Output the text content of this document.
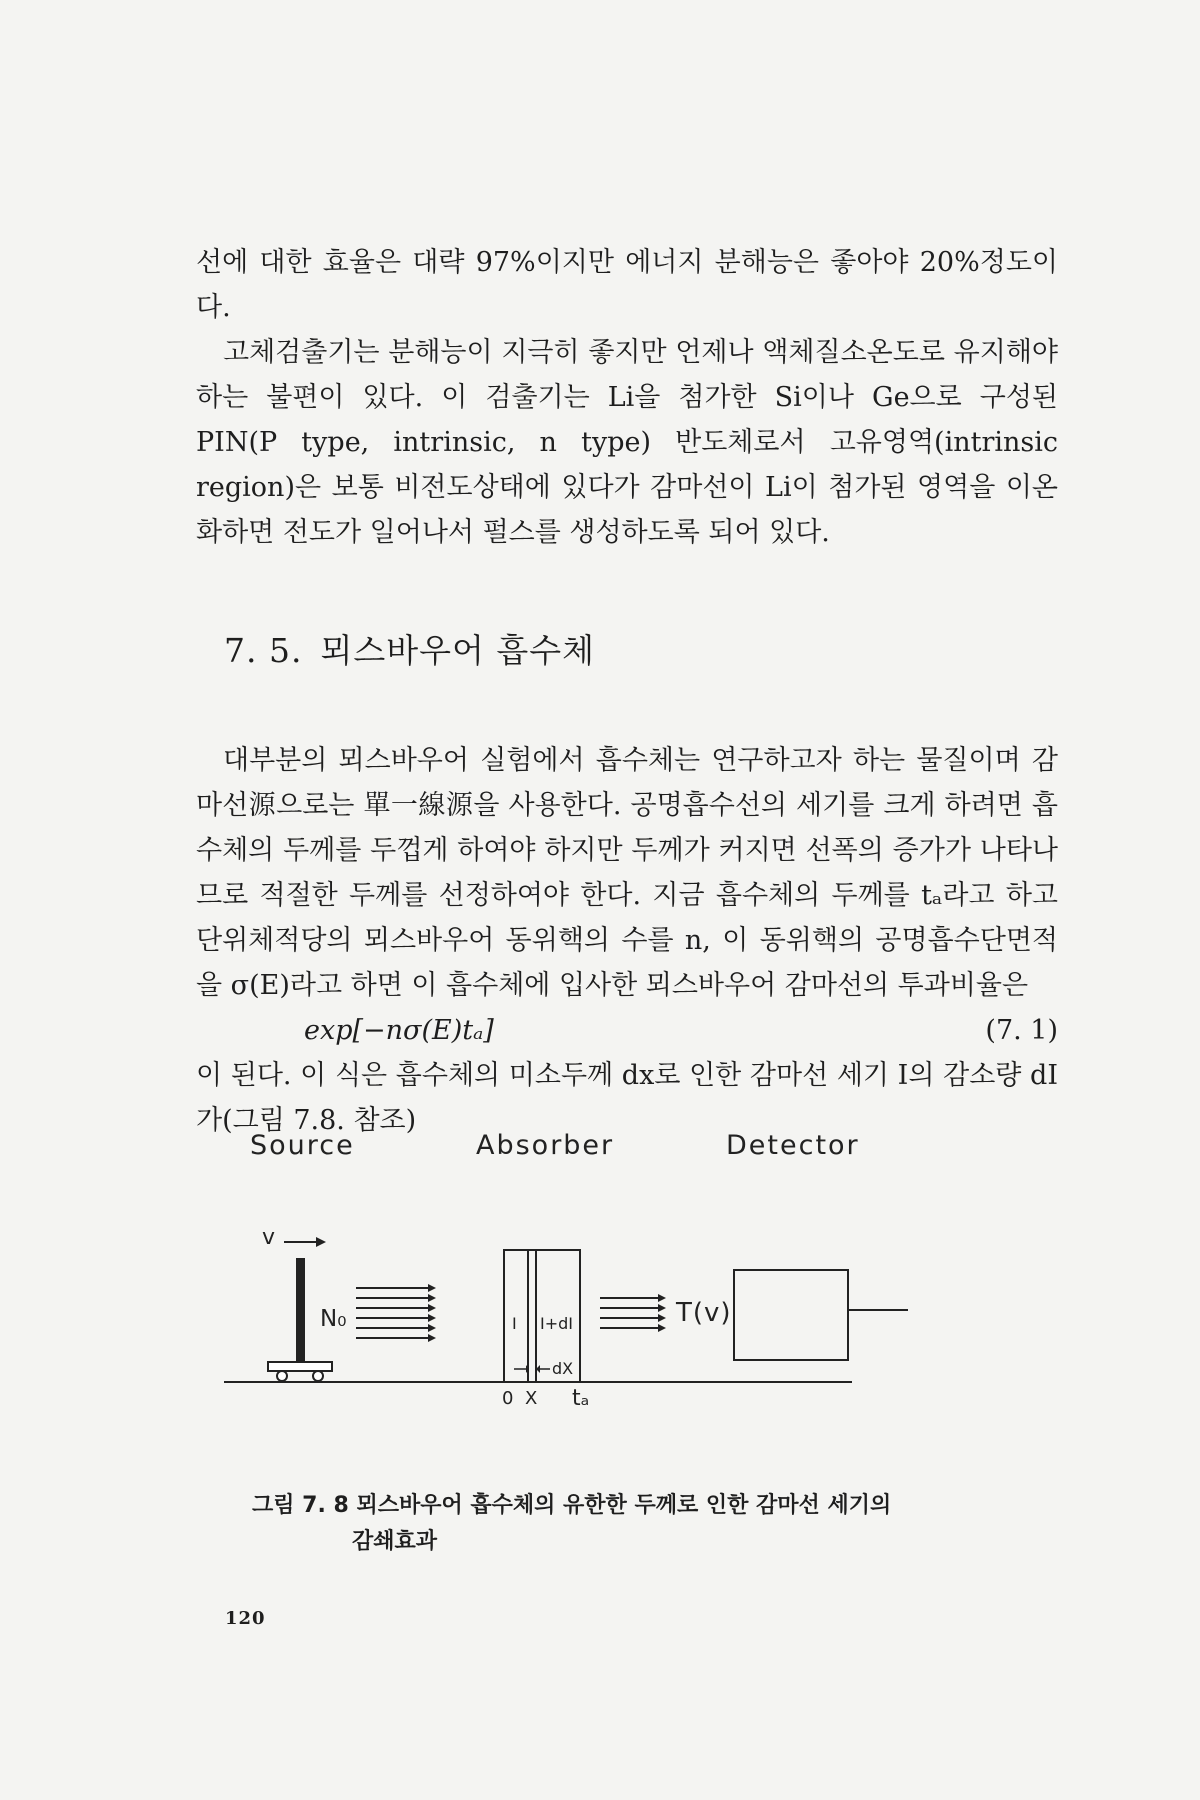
선에 대한 효율은 대략 97%이지만 에너지 분해능은 좋아야 20%정도이다.

고체검출기는 분해능이 지극히 좋지만 언제나 액체질소온도로 유지해야 하는 불편이 있다. 이 검출기는 Li을 첨가한 Si이나 Ge으로 구성된 PIN(P type, intrinsic, n type) 반도체로서 고유영역(intrinsic region)은 보통 비전도상태에 있다가 감마선이 Li이 첨가된 영역을 이온화하면 전도가 일어나서 펄스를 생성하도록 되어 있다.

7. 5. 뫼스바우어 흡수체

대부분의 뫼스바우어 실험에서 흡수체는 연구하고자 하는 물질이며 감마선源으로는 單一線源을 사용한다. 공명흡수선의 세기를 크게 하려면 흡수체의 두께를 두껍게 하여야 하지만 두께가 커지면 선폭의 증가가 나타나므로 적절한 두께를 선정하여야 한다. 지금 흡수체의 두께를 tₐ라고 하고 단위체적당의 뫼스바우어 동위핵의 수를 n, 이 동위핵의 공명흡수단면적을 σ(E)라고 하면 이 흡수체에 입사한 뫼스바우어 감마선의 투과비율은

exp[−nσ(E)tₐ]	(7. 1)

이 된다. 이 식은 흡수체의 미소두께 dx로 인한 감마선 세기 I의 감소량 dI가(그림 7.8. 참조)

Source	Absorber	Detector
v
N₀	I I+dI
dX
0 X tₐ
T(v)
그림 7. 8 뫼스바우어 흡수체의 유한한 두께로 인한 감마선 세기의
감쇄효과
120
